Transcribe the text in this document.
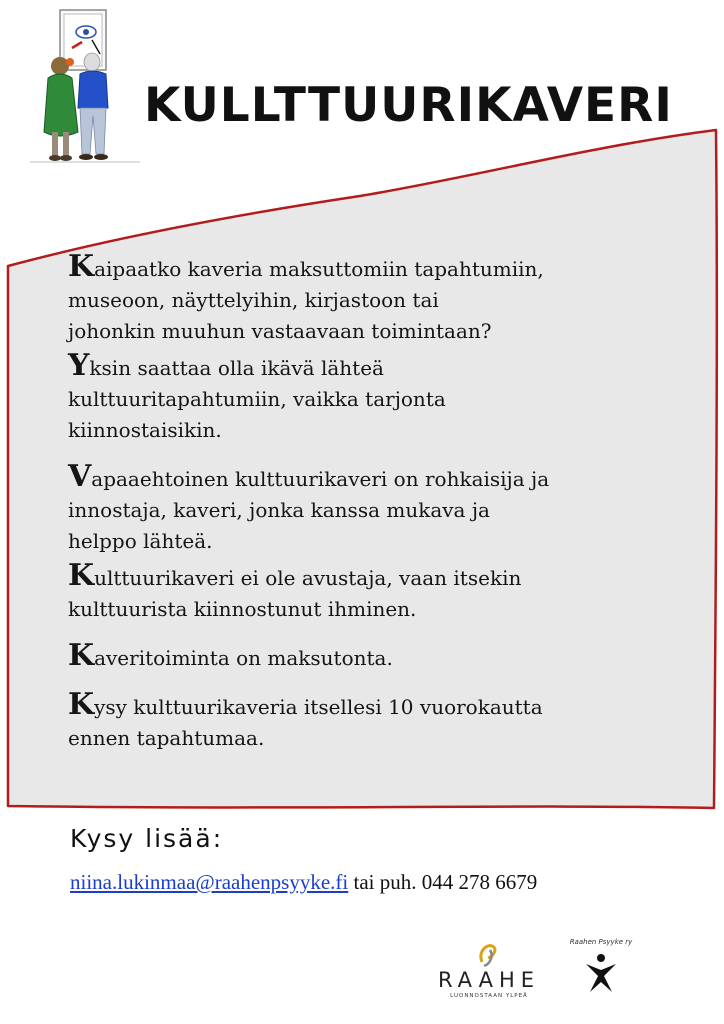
KULLTTUURIKAVERI

Kaipaatko kaveria maksuttomiin tapahtumiin,
museoon, näyttelyihin, kirjastoon tai
johonkin muuhun vastaavaan toimintaan?

Yksin saattaa olla ikävä lähteä
kulttuuritapahtumiin, vaikka tarjonta
kiinnostaisikin.

Vapaaehtoinen kulttuurikaveri on rohkaisija ja
innostaja, kaveri, jonka kanssa mukava ja
helppo lähteä.

Kulttuurikaveri ei ole avustaja, vaan itsekin
kulttuurista kiinnostunut ihminen.

Kaveritoiminta on maksutonta.

Kysy kulttuurikaveria itsellesi 10 vuorokautta
ennen tapahtumaa.

Kysy lisää:
niina.lukinmaa@raahenpsyyke.fi tai puh. 044 278 6679
RAAHE
LUONNOSTAAN YLPEÄ
Raahen Psyyke ry
